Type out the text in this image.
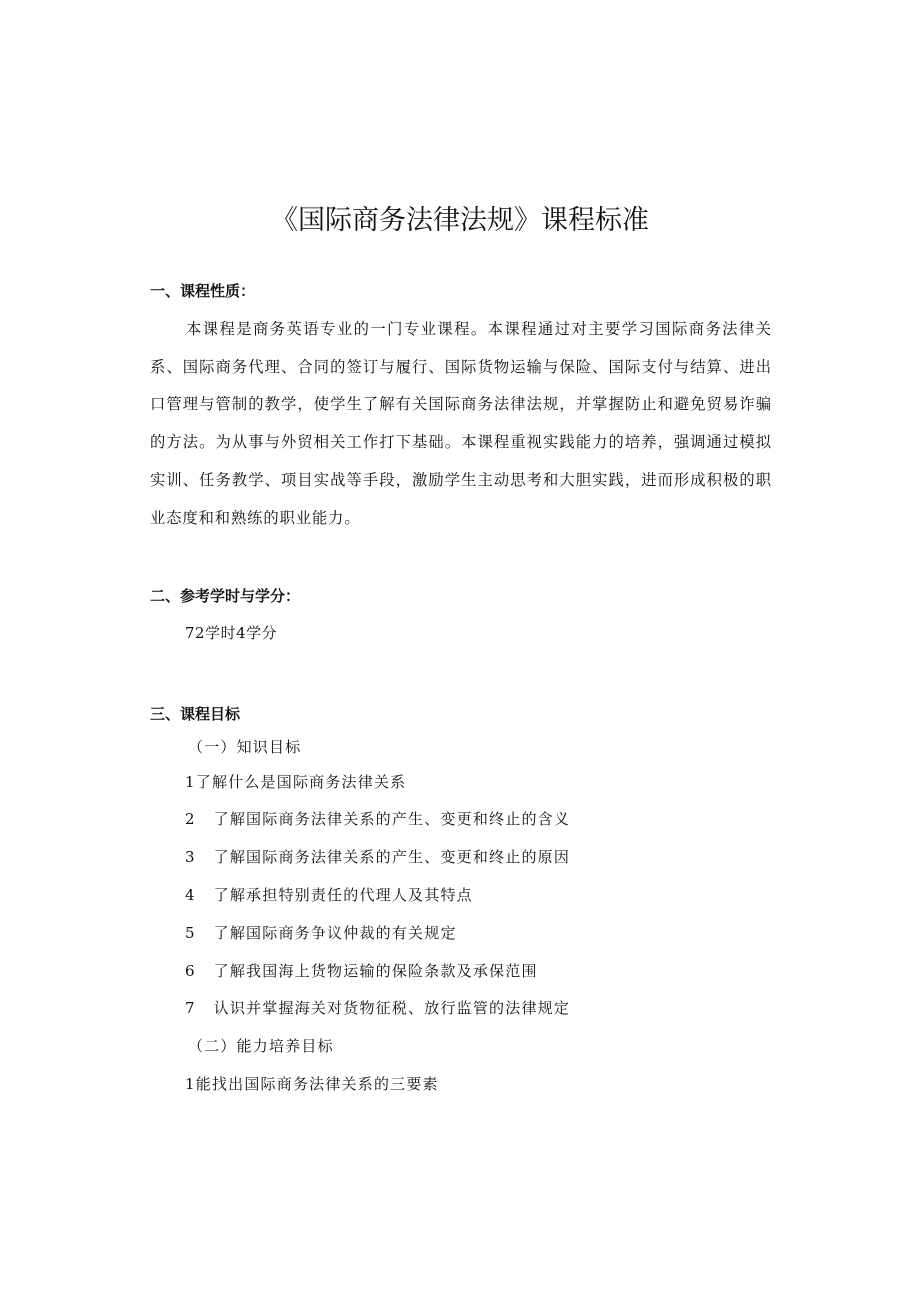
《国际商务法律法规》课程标准
一、课程性质：
本课程是商务英语专业的一门专业课程。本课程通过对主要学习国际商务法律关系、国际商务代理、合同的签订与履行、国际货物运输与保险、国际支付与结算、进出口管理与管制的教学，使学生了解有关国际商务法律法规，并掌握防止和避免贸易诈骗的方法。为从事与外贸相关工作打下基础。本课程重视实践能力的培养，强调通过模拟实训、任务教学、项目实战等手段，激励学生主动思考和大胆实践，进而形成积极的职业态度和和熟练的职业能力。
二、参考学时与学分：
72学时4学分
三、课程目标
（一）知识目标
1了解什么是国际商务法律关系
2   了解国际商务法律关系的产生、变更和终止的含义
3   了解国际商务法律关系的产生、变更和终止的原因
4   了解承担特别责任的代理人及其特点
5   了解国际商务争议仲裁的有关规定
6   了解我国海上货物运输的保险条款及承保范围
7   认识并掌握海关对货物征税、放行监管的法律规定
（二）能力培养目标
1能找出国际商务法律关系的三要素
